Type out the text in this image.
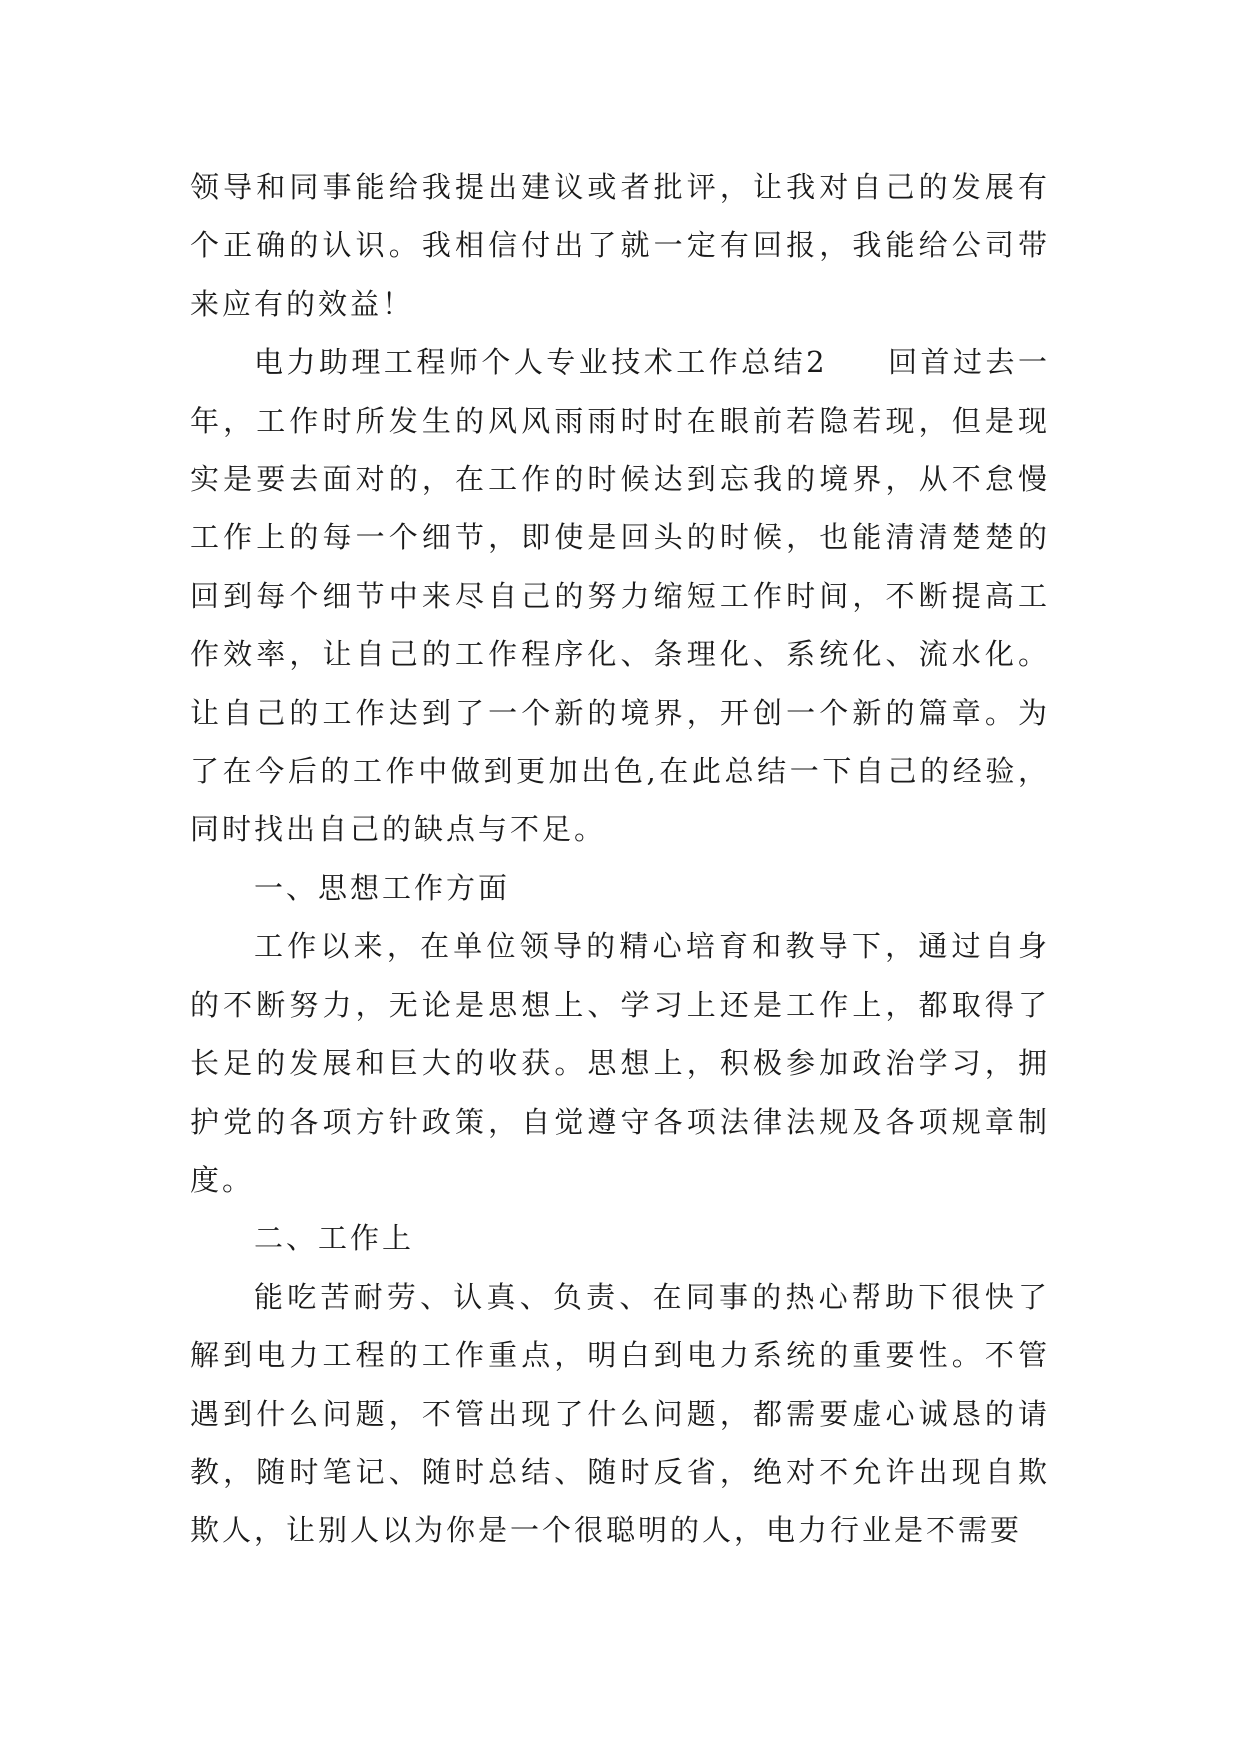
领导和同事能给我提出建议或者批评，让我对自己的发展有个正确的认识。我相信付出了就一定有回报，我能给公司带来应有的效益！

电力助理工程师个人专业技术工作总结2 回首过去一年，工作时所发生的风风雨雨时时在眼前若隐若现，但是现实是要去面对的，在工作的时候达到忘我的境界，从不怠慢工作上的每一个细节，即使是回头的时候，也能清清楚楚的回到每个细节中来尽自己的努力缩短工作时间，不断提高工作效率，让自己的工作程序化、条理化、系统化、流水化。让自己的工作达到了一个新的境界，开创一个新的篇章。为了在今后的工作中做到更加出色,在此总结一下自己的经验，同时找出自己的缺点与不足。

一、思想工作方面

工作以来，在单位领导的精心培育和教导下，通过自身的不断努力，无论是思想上、学习上还是工作上，都取得了长足的发展和巨大的收获。思想上，积极参加政治学习，拥护党的各项方针政策，自觉遵守各项法律法规及各项规章制度。

二、工作上

能吃苦耐劳、认真、负责、在同事的热心帮助下很快了解到电力工程的工作重点，明白到电力系统的重要性。不管遇到什么问题，不管出现了什么问题，都需要虚心诚恳的请教，随时笔记、随时总结、随时反省，绝对不允许出现自欺欺人，让别人以为你是一个很聪明的人，电力行业是不需要
